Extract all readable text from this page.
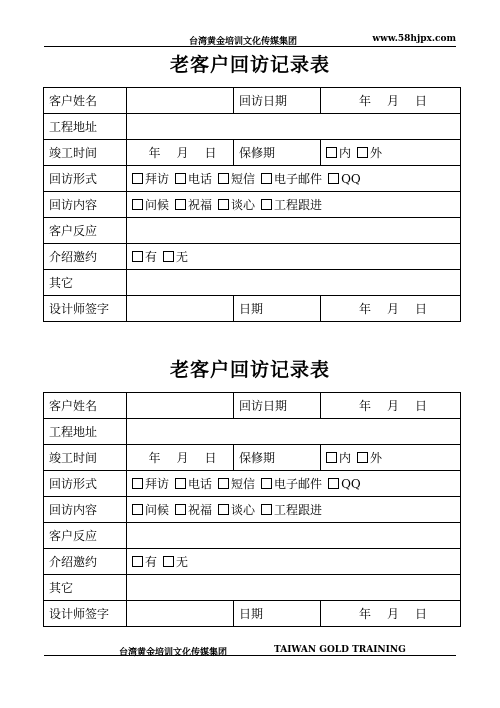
台湾黄金培训文化传媒集团	www.58hjpx.com
老客户回访记录表
客户姓名		回访日期	年 月 日
工程地址			
竣工时间	年 月 日	保修期	内 外
回访形式	拜访 电话 短信 电子邮件 QQ		
回访内容	问候 祝福 谈心 工程跟进		
客户反应			
介绍邀约	有 无		
其它			
设计师签字		日期	年 月 日
老客户回访记录表
客户姓名		回访日期	年 月 日
工程地址			
竣工时间	年 月 日	保修期	内 外
回访形式	拜访 电话 短信 电子邮件 QQ		
回访内容	问候 祝福 谈心 工程跟进		
客户反应			
介绍邀约	有 无		
其它			
设计师签字		日期	年 月 日
台湾黄金培训文化传媒集团	TAIWAN GOLD TRAINING
